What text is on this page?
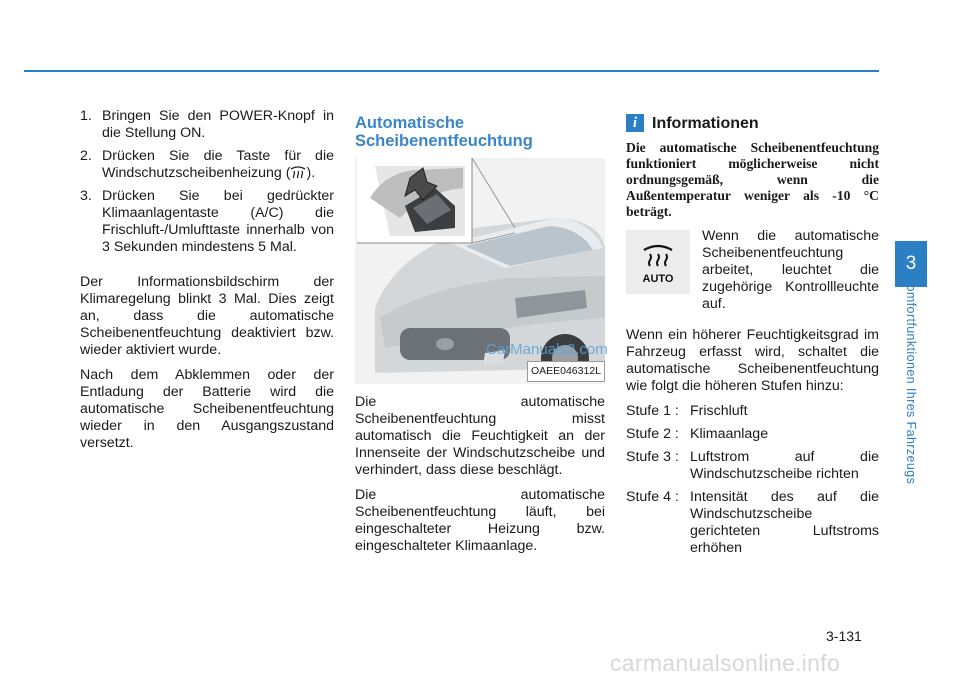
1. Bringen Sie den POWER-Knopf in die Stellung ON.
2. Drücken Sie die Taste für die Windschutzscheibenheizung ( ).
3. Drücken Sie bei gedrückter Klimaanlagentaste (A/C) die Frischluft-/Umlufttaste innerhalb von 3 Sekunden mindestens 5 Mal.

Der Informationsbildschirm der Klimaregelung blinkt 3 Mal. Dies zeigt an, dass die automatische Scheibenentfeuchtung deaktiviert bzw. wieder aktiviert wurde.

Nach dem Abklemmen oder der Entladung der Batterie wird die automatische Scheibenentfeuchtung wieder in den Ausgangszustand versetzt.

Automatische
Scheibenentfeuchtung
OAEE046312L

Die automatische Scheibenentfeuchtung misst automatisch die Feuchtigkeit an der Innenseite der Windschutzscheibe und verhindert, dass diese beschlägt.

Die automatische Scheibenentfeuchtung läuft, bei eingeschalteter Heizung bzw. eingeschalteter Klimaanlage.

CarManuals2.com
i Informationen

Die automatische Scheibenentfeuchtung funktioniert möglicherweise nicht ordnungsgemäß, wenn die Außentemperatur weniger als -10 °C beträgt.

AUTO
Wenn die automatische Scheibenentfeuchtung arbeitet, leuchtet die zugehörige Kontrollleuchte auf.

Wenn ein höherer Feuchtigkeitsgrad im Fahrzeug erfasst wird, schaltet die automatische Scheibenentfeuchtung wie folgt die höheren Stufen hinzu:

Stufe 1 : Frischluft
Stufe 2 : Klimaanlage
Stufe 3 : Luftstrom auf die Windschutzscheibe richten
Stufe 4 : Intensität des auf die Windschutzscheibe gerichteten Luftstroms erhöhen
3
Komfortfunktionen Ihres Fahrzeugs
3-131
carmanualsonline.info
